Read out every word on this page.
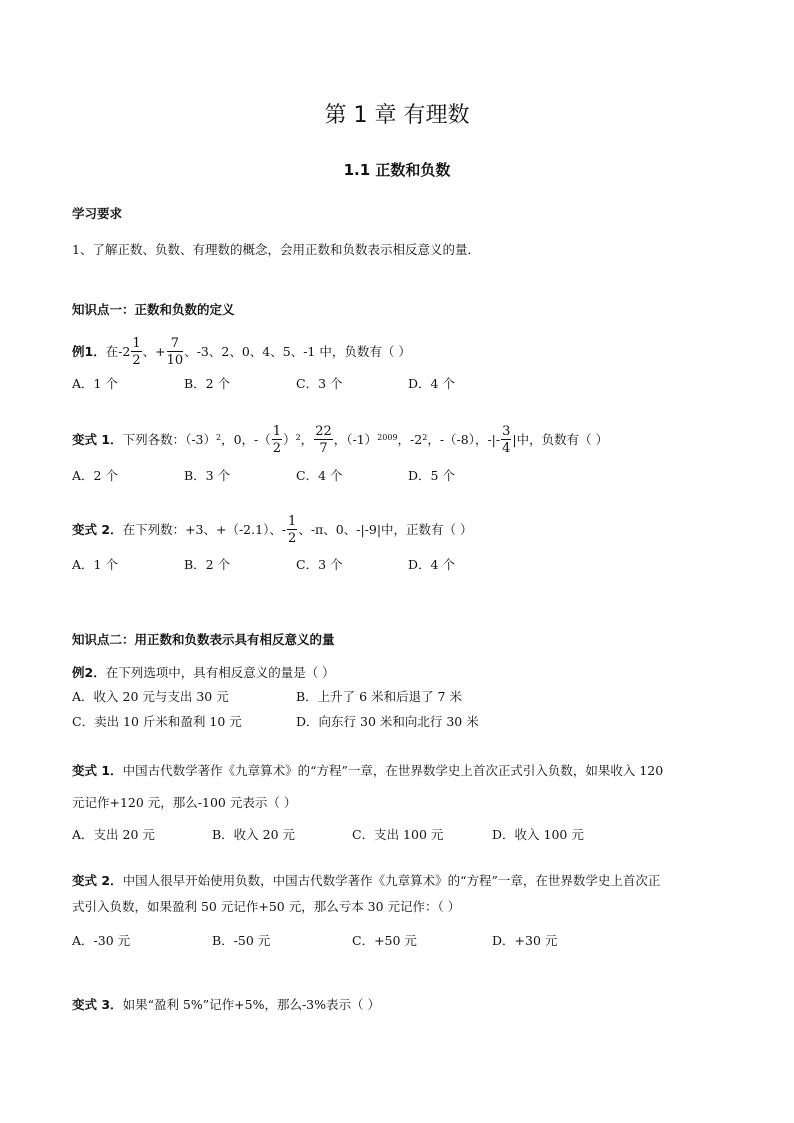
第 1 章 有理数
1.1 正数和负数
学习要求
1、了解正数、负数、有理数的概念，会用正数和负数表示相反意义的量．
知识点一：正数和负数的定义
例1． 在$-2 \frac{1}{2}$ 、+ $\frac{7}{10}$ 、-3、2、0、4、5、-1 中，负数有（ ）
A．1 个	B．2 个	C．3 个	D．4 个
变式 1． 下列各数：（-3） 2 ，0，-（ $\frac{1}{2}$ ） 2 ， $\frac{22}{7}$ ，（-1） 2009 ，-2 2 ，-（-8），-|- $\frac{3}{4}$ |中，负数有（ ）
A．2 个	B．3 个	C．4 个	D．5 个
变式 2． 在下列数：+3、+（-2.1）、- $\frac{1}{2}$ 、-π、0、-|-9|中，正数有（ ）
A．1 个	B．2 个	C．3 个	D．4 个
知识点二：用正数和负数表示具有相反意义的量
例2．在下列选项中，具有相反意义的量是（ ）
A．收入 20 元与支出 30 元	B．上升了 6 米和后退了 7 米
C．卖出 10 斤米和盈利 10 元	D．向东行 30 米和向北行 30 米
变式 1．中国古代数学著作《九章算术》的“方程”一章，在世界数学史上首次正式引入负数，如果收入 120
元记作+120 元，那么-100 元表示（ ）
A．支出 20 元	B．收入 20 元	C．支出 100 元	D．收入 100 元
变式 2．中国人很早开始使用负数，中国古代数学著作《九章算术》的“方程”一章，在世界数学史上首次正
式引入负数，如果盈利 50 元记作+50 元，那么亏本 30 元记作：（ ）
A．-30 元	B．-50 元	C．+50 元	D．+30 元
变式 3．如果“盈利 5%”记作+5%，那么-3%表示（ ）
